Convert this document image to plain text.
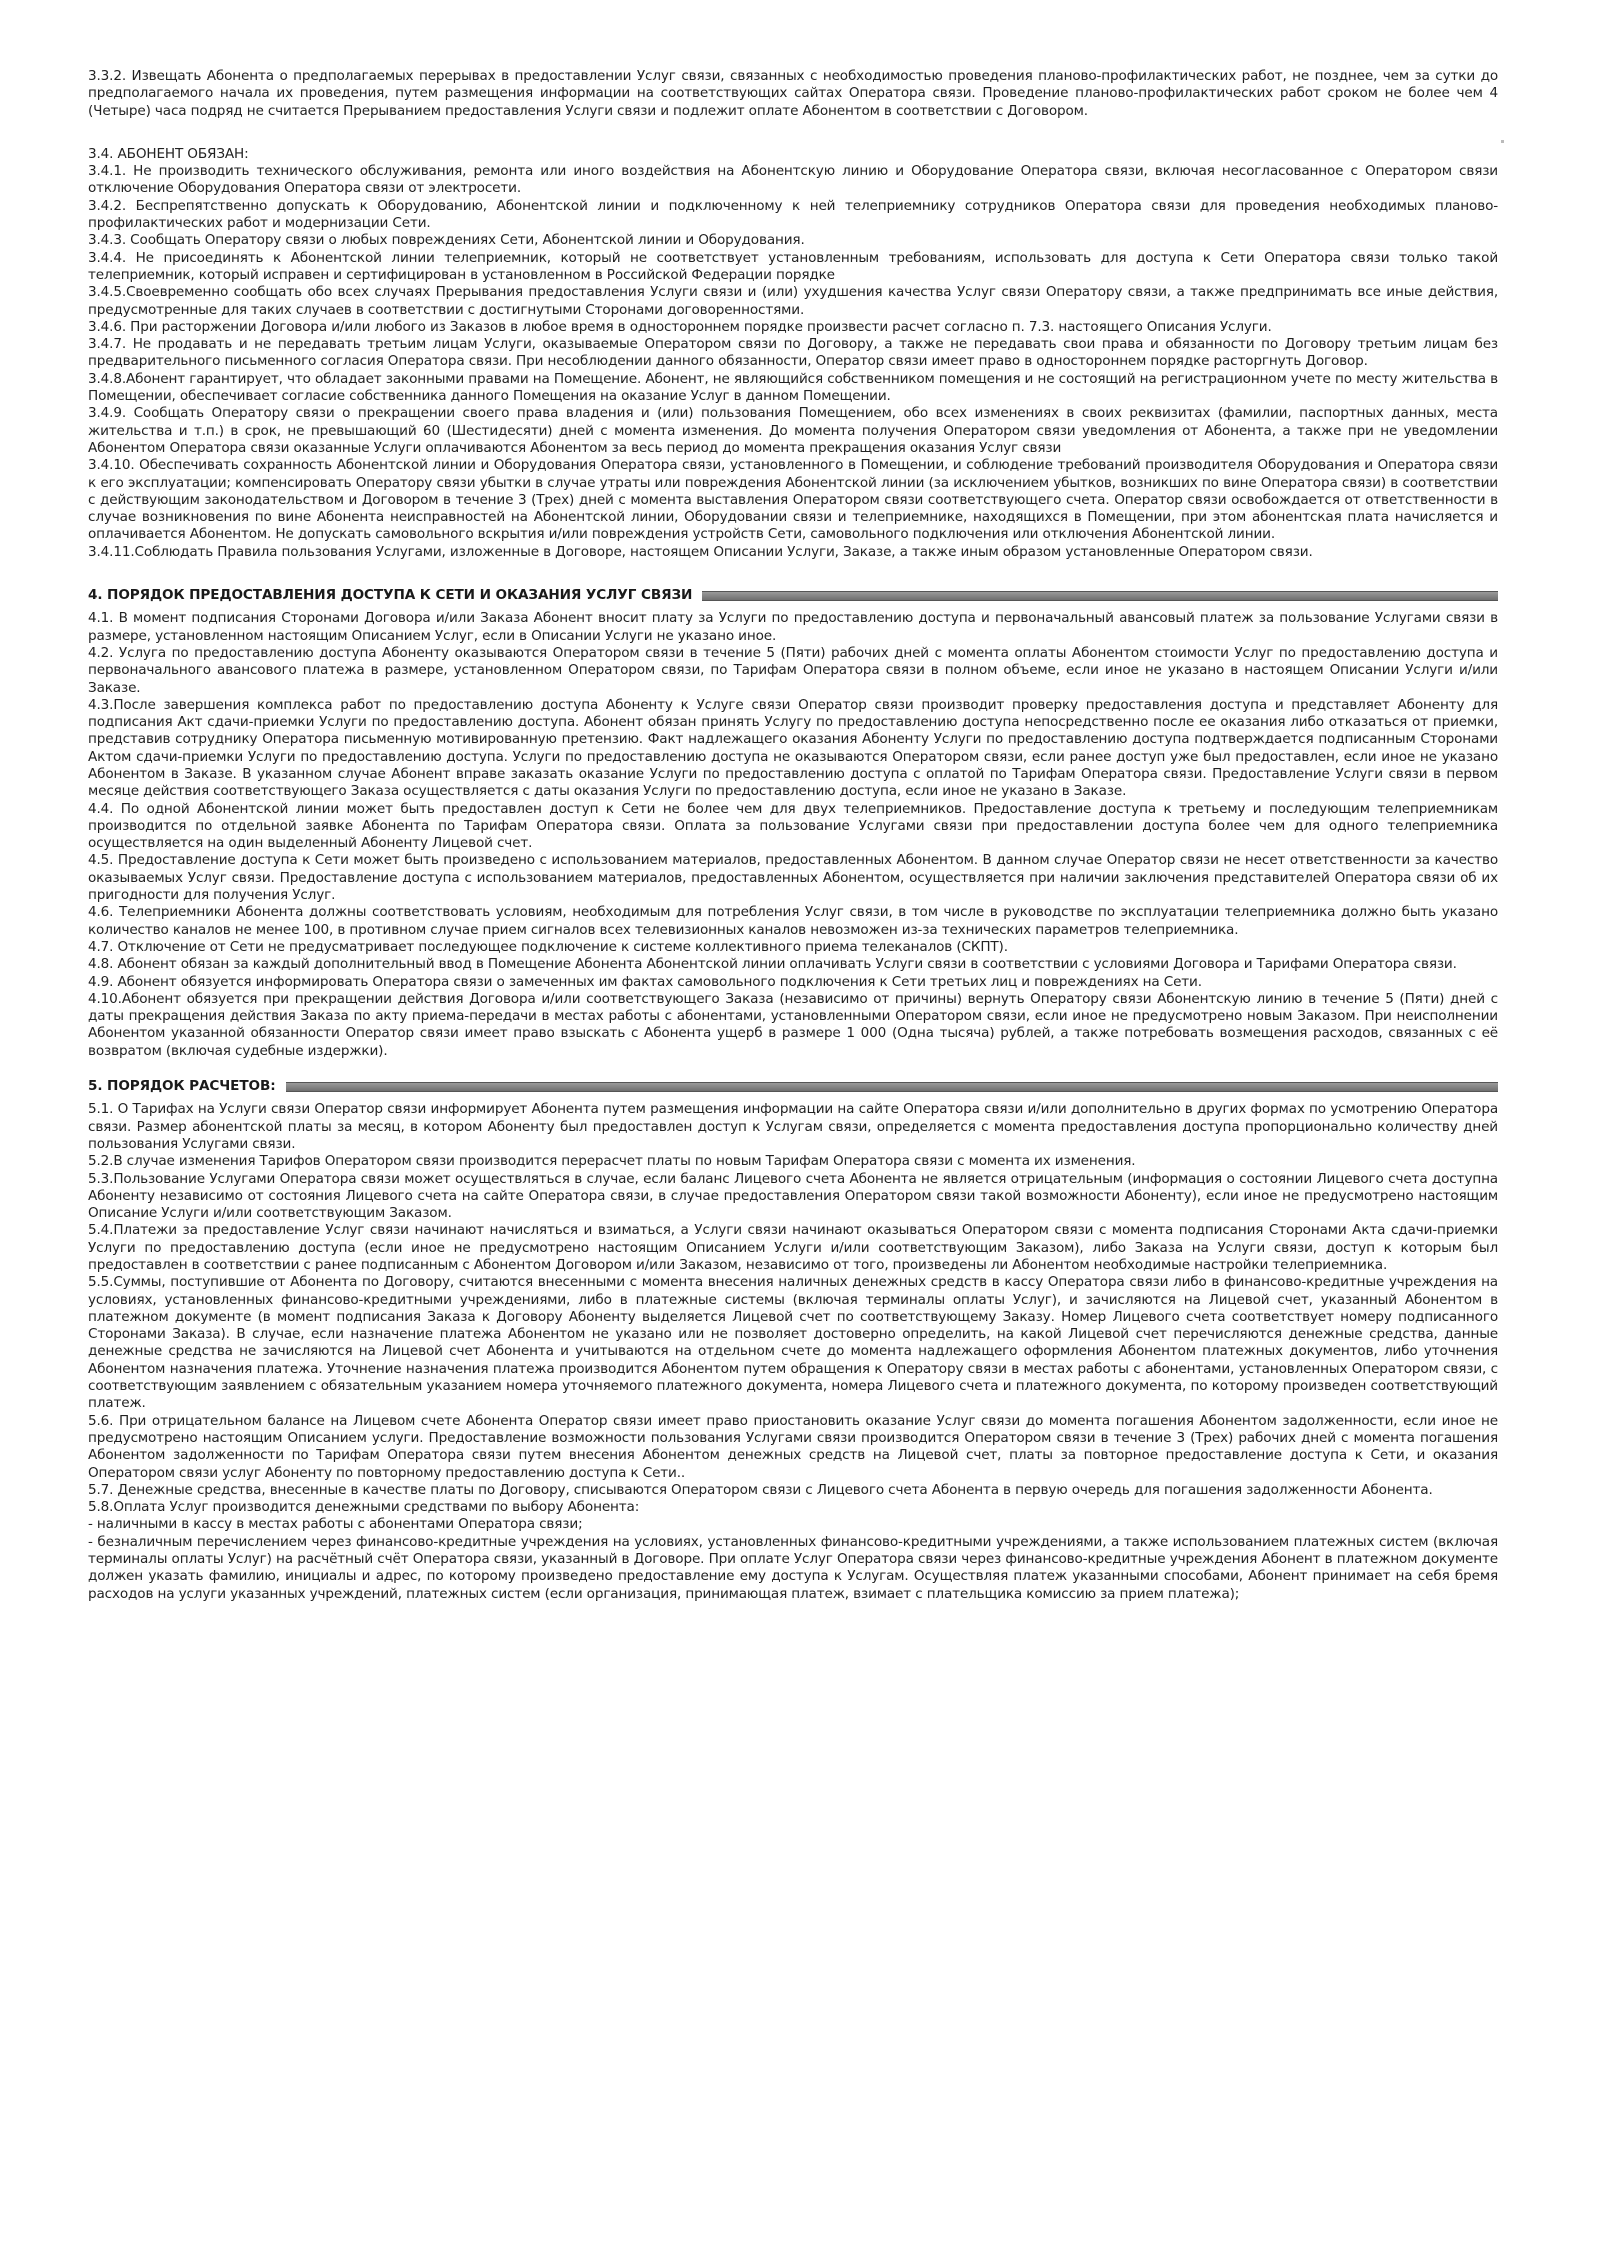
3.3.2. Извещать Абонента о предполагаемых перерывах в предоставлении Услуг связи, связанных с необходимостью проведения планово-профилактических работ, не позднее, чем за сутки до предполагаемого начала их проведения, путем размещения информации на соответствующих сайтах Оператора связи. Проведение планово-профилактических работ сроком не более чем 4 (Четыре) часа подряд не считается Прерыванием предоставления Услуги связи и подлежит оплате Абонентом в соответствии с Договором.

3.4. АБОНЕНТ ОБЯЗАН:

3.4.1. Не производить технического обслуживания, ремонта или иного воздействия на Абонентскую линию и Оборудование Оператора связи, включая несогласованное с Оператором связи отключение Оборудования Оператора связи от электросети.

3.4.2. Беспрепятственно допускать к Оборудованию, Абонентской линии и подключенному к ней телеприемнику сотрудников Оператора связи для проведения необходимых планово-профилактических работ и модернизации Сети.

3.4.3. Сообщать Оператору связи о любых повреждениях Сети, Абонентской линии и Оборудования.

3.4.4. Не присоединять к Абонентской линии телеприемник, который не соответствует установленным требованиям, использовать для доступа к Сети Оператора связи только такой телеприемник, который исправен и сертифицирован в установленном в Российской Федерации порядке

3.4.5.Своевременно сообщать обо всех случаях Прерывания предоставления Услуги связи и (или) ухудшения качества Услуг связи Оператору связи, а также предпринимать все иные действия, предусмотренные для таких случаев в соответствии с достигнутыми Сторонами договоренностями.

3.4.6. При расторжении Договора и/или любого из Заказов в любое время в одностороннем порядке произвести расчет согласно п. 7.3. настоящего Описания Услуги.

3.4.7. Не продавать и не передавать третьим лицам Услуги, оказываемые Оператором связи по Договору, а также не передавать свои права и обязанности по Договору третьим лицам без предварительного письменного согласия Оператора связи. При несоблюдении данного обязанности, Оператор связи имеет право в одностороннем порядке расторгнуть Договор.

3.4.8.Абонент гарантирует, что обладает законными правами на Помещение. Абонент, не являющийся собственником помещения и не состоящий на регистрационном учете по месту жительства в Помещении, обеспечивает согласие собственника данного Помещения на оказание Услуг в данном Помещении.

3.4.9. Сообщать Оператору связи о прекращении своего права владения и (или) пользования Помещением, обо всех изменениях в своих реквизитах (фамилии, паспортных данных, места жительства и т.п.) в срок, не превышающий 60 (Шестидесяти) дней с момента изменения. До момента получения Оператором связи уведомления от Абонента, а также при не уведомлении Абонентом Оператора связи оказанные Услуги оплачиваются Абонентом за весь период до момента прекращения оказания Услуг связи

3.4.10. Обеспечивать сохранность Абонентской линии и Оборудования Оператора связи, установленного в Помещении, и соблюдение требований производителя Оборудования и Оператора связи к его эксплуатации; компенсировать Оператору связи убытки в случае утраты или повреждения Абонентской линии (за исключением убытков, возникших по вине Оператора связи) в соответствии с действующим законодательством и Договором в течение 3 (Трех) дней с момента выставления Оператором связи соответствующего счета. Оператор связи освобождается от ответственности в случае возникновения по вине Абонента неисправностей на Абонентской линии, Оборудовании связи и телеприемнике, находящихся в Помещении, при этом абонентская плата начисляется и оплачивается Абонентом. Не допускать самовольного вскрытия и/или повреждения устройств Сети, самовольного подключения или отключения Абонентской линии.

3.4.11.Соблюдать Правила пользования Услугами, изложенные в Договоре, настоящем Описании Услуги, Заказе, а также иным образом установленные Оператором связи.

4. ПОРЯДОК ПРЕДОСТАВЛЕНИЯ ДОСТУПА К СЕТИ И ОКАЗАНИЯ УСЛУГ СВЯЗИ

4.1. В момент подписания Сторонами Договора и/или Заказа Абонент вносит плату за Услуги по предоставлению доступа и первоначальный авансовый платеж за пользование Услугами связи в размере, установленном настоящим Описанием Услуг, если в Описании Услуги не указано иное.

4.2. Услуга по предоставлению доступа Абоненту оказываются Оператором связи в течение 5 (Пяти) рабочих дней с момента оплаты Абонентом стоимости Услуг по предоставлению доступа и первоначального авансового платежа в размере, установленном Оператором связи, по Тарифам Оператора связи в полном объеме, если иное не указано в настоящем Описании Услуги и/или Заказе.

4.3.После завершения комплекса работ по предоставлению доступа Абоненту к Услуге связи Оператор связи производит проверку предоставления доступа и представляет Абоненту для подписания Акт сдачи-приемки Услуги по предоставлению доступа. Абонент обязан принять Услугу по предоставлению доступа непосредственно после ее оказания либо отказаться от приемки, представив сотруднику Оператора письменную мотивированную претензию. Факт надлежащего оказания Абоненту Услуги по предоставлению доступа подтверждается подписанным Сторонами Актом сдачи-приемки Услуги по предоставлению доступа. Услуги по предоставлению доступа не оказываются Оператором связи, если ранее доступ уже был предоставлен, если иное не указано Абонентом в Заказе. В указанном случае Абонент вправе заказать оказание Услуги по предоставлению доступа с оплатой по Тарифам Оператора связи. Предоставление Услуги связи в первом месяце действия соответствующего Заказа осуществляется с даты оказания Услуги по предоставлению доступа, если иное не указано в Заказе.

4.4. По одной Абонентской линии может быть предоставлен доступ к Сети не более чем для двух телеприемников. Предоставление доступа к третьему и последующим телеприемникам производится по отдельной заявке Абонента по Тарифам Оператора связи. Оплата за пользование Услугами связи при предоставлении доступа более чем для одного телеприемника осуществляется на один выделенный Абоненту Лицевой счет.

4.5. Предоставление доступа к Сети может быть произведено с использованием материалов, предоставленных Абонентом. В данном случае Оператор связи не несет ответственности за качество оказываемых Услуг связи. Предоставление доступа с использованием материалов, предоставленных Абонентом, осуществляется при наличии заключения представителей Оператора связи об их пригодности для получения Услуг.

4.6. Телеприемники Абонента должны соответствовать условиям, необходимым для потребления Услуг связи, в том числе в руководстве по эксплуатации телеприемника должно быть указано количество каналов не менее 100, в противном случае прием сигналов всех телевизионных каналов невозможен из-за технических параметров телеприемника.

4.7. Отключение от Сети не предусматривает последующее подключение к системе коллективного приема телеканалов (СКПТ).

4.8. Абонент обязан за каждый дополнительный ввод в Помещение Абонента Абонентской линии оплачивать Услуги связи в соответствии с условиями Договора и Тарифами Оператора связи.

4.9. Абонент обязуется информировать Оператора связи о замеченных им фактах самовольного подключения к Сети третьих лиц и повреждениях на Сети.

4.10.Абонент обязуется при прекращении действия Договора и/или соответствующего Заказа (независимо от причины) вернуть Оператору связи Абонентскую линию в течение 5 (Пяти) дней с даты прекращения действия Заказа по акту приема-передачи в местах работы с абонентами, установленными Оператором связи, если иное не предусмотрено новым Заказом. При неисполнении Абонентом указанной обязанности Оператор связи имеет право взыскать с Абонента ущерб в размере 1 000 (Одна тысяча) рублей, а также потребовать возмещения расходов, связанных с её возвратом (включая судебные издержки).

5. ПОРЯДОК РАСЧЕТОВ:

5.1. О Тарифах на Услуги связи Оператор связи информирует Абонента путем размещения информации на сайте Оператора связи и/или дополнительно в других формах по усмотрению Оператора связи. Размер абонентской платы за месяц, в котором Абоненту был предоставлен доступ к Услугам связи, определяется с момента предоставления доступа пропорционально количеству дней пользования Услугами связи.

5.2.В случае изменения Тарифов Оператором связи производится перерасчет платы по новым Тарифам Оператора связи с момента их изменения.

5.3.Пользование Услугами Оператора связи может осуществляться в случае, если баланс Лицевого счета Абонента не является отрицательным (информация о состоянии Лицевого счета доступна Абоненту независимо от состояния Лицевого счета на сайте Оператора связи, в случае предоставления Оператором связи такой возможности Абоненту), если иное не предусмотрено настоящим Описание Услуги и/или соответствующим Заказом.

5.4.Платежи за предоставление Услуг связи начинают начисляться и взиматься, а Услуги связи начинают оказываться Оператором связи с момента подписания Сторонами Акта сдачи-приемки Услуги по предоставлению доступа (если иное не предусмотрено настоящим Описанием Услуги и/или соответствующим Заказом), либо Заказа на Услуги связи, доступ к которым был предоставлен в соответствии с ранее подписанным с Абонентом Договором и/или Заказом, независимо от того, произведены ли Абонентом необходимые настройки телеприемника.

5.5.Суммы, поступившие от Абонента по Договору, считаются внесенными с момента внесения наличных денежных средств в кассу Оператора связи либо в финансово-кредитные учреждения на условиях, установленных финансово-кредитными учреждениями, либо в платежные системы (включая терминалы оплаты Услуг), и зачисляются на Лицевой счет, указанный Абонентом в платежном документе (в момент подписания Заказа к Договору Абоненту выделяется Лицевой счет по соответствующему Заказу. Номер Лицевого счета соответствует номеру подписанного Сторонами Заказа). В случае, если назначение платежа Абонентом не указано или не позволяет достоверно определить, на какой Лицевой счет перечисляются денежные средства, данные денежные средства не зачисляются на Лицевой счет Абонента и учитываются на отдельном счете до момента надлежащего оформления Абонентом платежных документов, либо уточнения Абонентом назначения платежа. Уточнение назначения платежа производится Абонентом путем обращения к Оператору связи в местах работы с абонентами, установленных Оператором связи, с соответствующим заявлением с обязательным указанием номера уточняемого платежного документа, номера Лицевого счета и платежного документа, по которому произведен соответствующий платеж.

5.6. При отрицательном балансе на Лицевом счете Абонента Оператор связи имеет право приостановить оказание Услуг связи до момента погашения Абонентом задолженности, если иное не предусмотрено настоящим Описанием услуги. Предоставление возможности пользования Услугами связи производится Оператором связи в течение 3 (Трех) рабочих дней с момента погашения Абонентом задолженности по Тарифам Оператора связи путем внесения Абонентом денежных средств на Лицевой счет, платы за повторное предоставление доступа к Сети, и оказания Оператором связи услуг Абоненту по повторному предоставлению доступа к Сети..

5.7. Денежные средства, внесенные в качестве платы по Договору, списываются Оператором связи с Лицевого счета Абонента в первую очередь для погашения задолженности Абонента.

5.8.Оплата Услуг производится денежными средствами по выбору Абонента:

- наличными в кассу в местах работы с абонентами Оператора связи;

- безналичным перечислением через финансово-кредитные учреждения на условиях, установленных финансово-кредитными учреждениями, а также использованием платежных систем (включая терминалы оплаты Услуг) на расчётный счёт Оператора связи, указанный в Договоре. При оплате Услуг Оператора связи через финансово-кредитные учреждения Абонент в платежном документе должен указать фамилию, инициалы и адрес, по которому произведено предоставление ему доступа к Услугам. Осуществляя платеж указанными способами, Абонент принимает на себя бремя расходов на услуги указанных учреждений, платежных систем (если организация, принимающая платеж, взимает с плательщика комиссию за прием платежа);
